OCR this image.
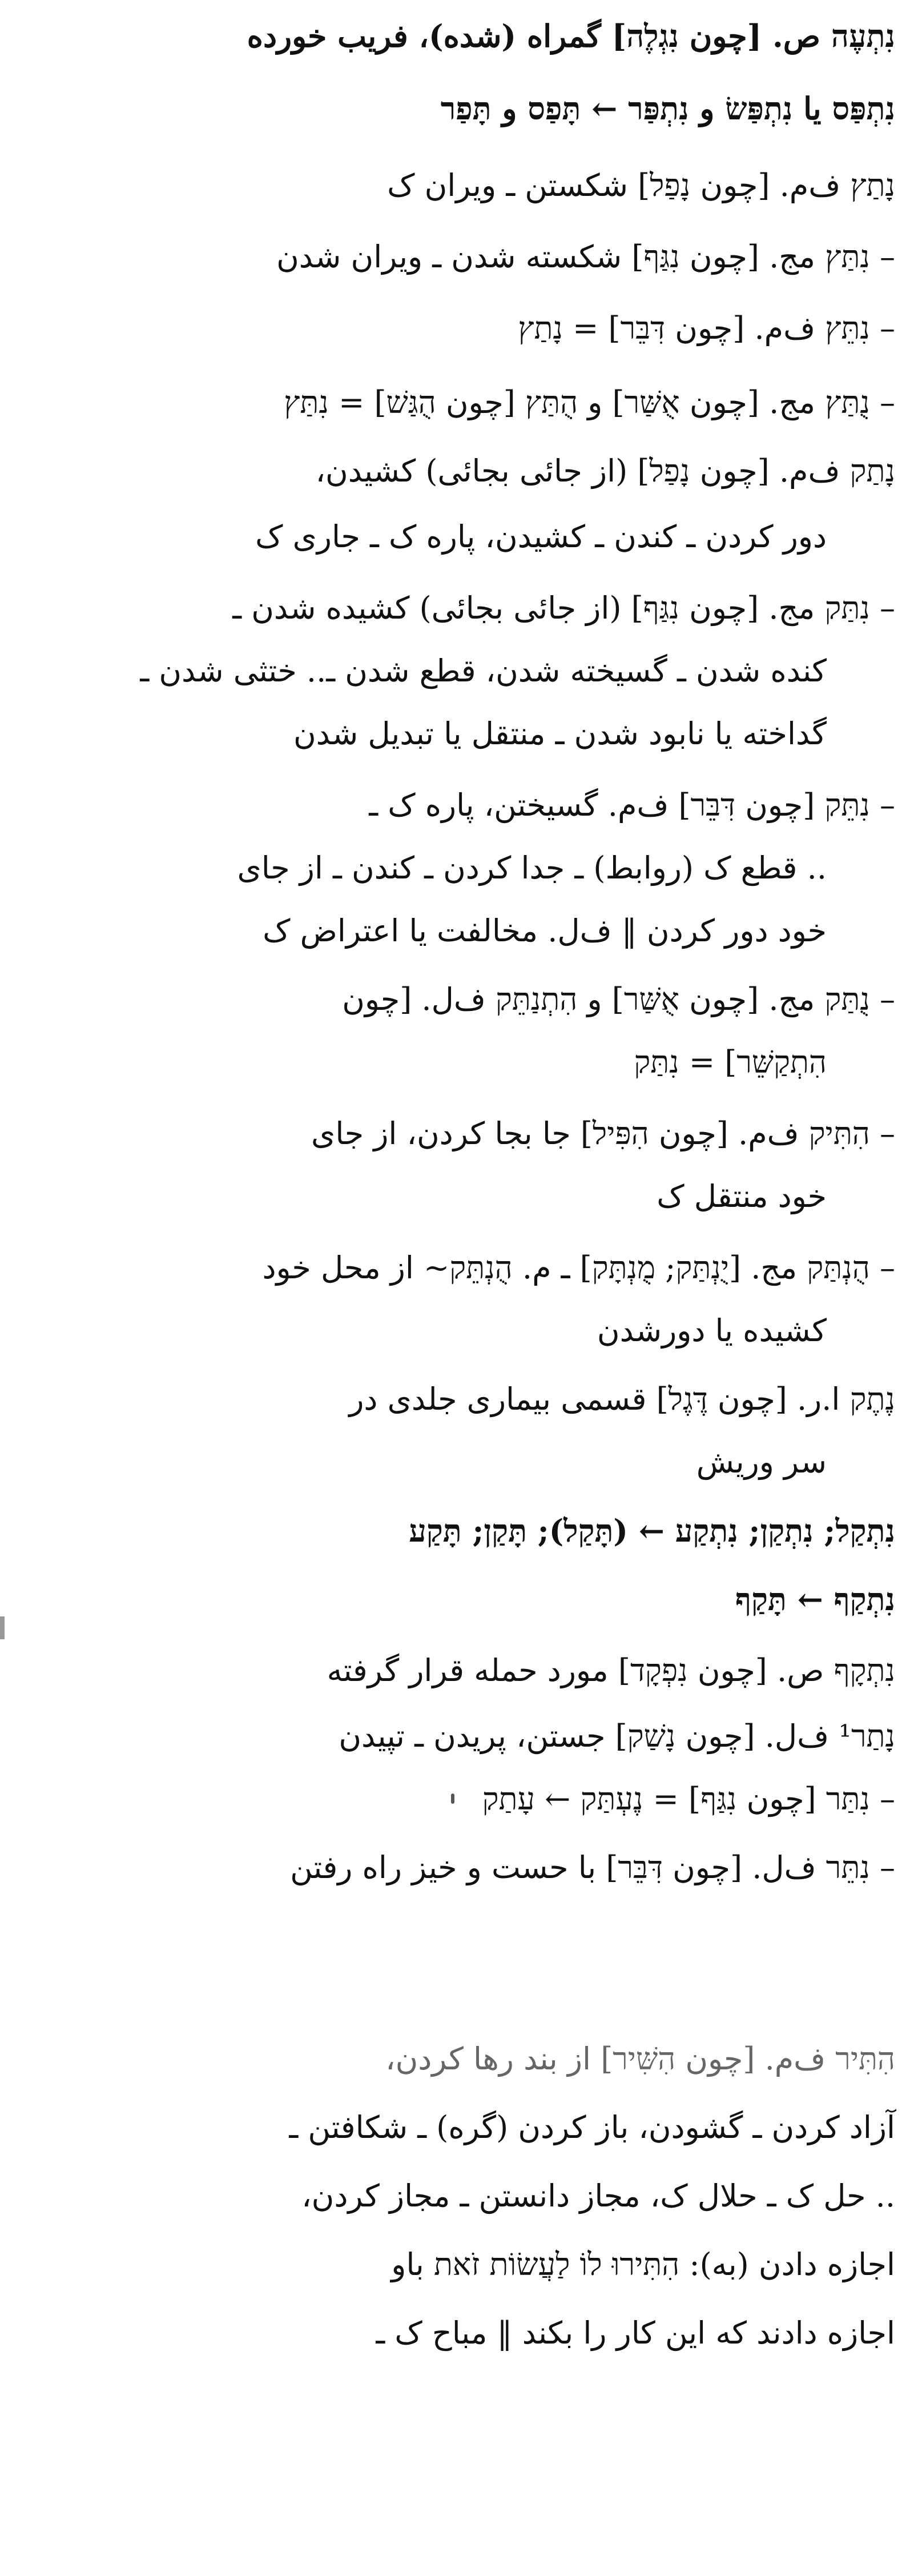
נִתְעֶה ص. [چون נִגְלֶה] گمراه (شده)، فریب خورده
נִתְפַּס یا נִתְפַּשׂ و נִתְפַּר ← תָּפַס و תָּפַר
נָתַץ ف‌م. [چون נָפַל] شکستن ـ ویران ک
– נִתַּץ مج. [چون נִגַּף] شکسته شدن ـ ویران شدن
– נִתֵּץ ف‌م. [چون דִּבֵּר] = נָתַץ
– נֻתַּץ مج. [چون אֻשַּׁר] و הֻתַּץ [چون הֻגַּשׁ] = נִתַּץ
נָתַק ف‌م. [چون נָפַל] (از جائی بجائی) کشیدن،
دور کردن ـ کندن ـ کشیدن، پاره ک ـ جاری ک
– נִתַּק مج. [چون נִגַּף] (از جائی بجائی) کشیده شدن ـ
کنده شدن ـ گسیخته شدن، قطع شدن ـ.. ختثی شدن ـ
گداخته یا نابود شدن ـ منتقل یا تبدیل شدن
– נִתֵּק [چون דִּבֵּר] ف‌م. گسیختن، پاره ک ـ
.. قطع ک (روابط) ـ جدا کردن ـ کندن ـ از جای
خود دور کردن ‖ ف‌ل. مخالفت یا اعتراض ک
– נֻתַּק مج. [چون אֻשַּׁר] و הִתְנַתֵּק ف‌ل. [چون
הִתְקַשֵּׁר] = נִתַּק
– הִתִּיק ف‌م. [چون הִפִּיל] جا بجا کردن، از جای
خود منتقل ک
– הֻנְתַּק مج. [יֻנְתַּק; מֻנְתָּק] ـ م. הֻנְתֵּק~ از محل خود
کشیده یا دورشدن
נֶתֶק ا.ر. [چون דֶּגֶל] قسمی بیماری جلدی در
سر وریش
נִתְקַל; נִתְקַן; נִתְקַע ← (תָּקַל); תָּקַן; תָּקַע
נִתְקַף ← תָּקַף
נִתְקָף ص. [چون נִפְקָד] مورد حمله قرار گرفته
נָתַר¹ ف‌ل. [چون נָשַׁק] جستن، پریدن ـ تپیدن
– נִתַּר [چون נִגַּף] = נֶעְתַּק ← עָתַק
– נִתֵּר ف‌ل. [چون דִּבֵּר] با حست و خیز راه رفتن
הִתִּיר ف‌م. [چون הִשִּׁיר] از بند رها کردن،
آزاد کردن ـ گشودن، باز کردن (گره) ـ شکافتن ـ
.. حل ک ـ حلال ک، مجاز دانستن ـ مجاز کردن،
اجازه دادن (به): הִתִּירוּ לוֹ לַעֲשׂוֹת זֹאת باو
اجازه دادند که این کار را بکند ‖ مباح ک ـ
